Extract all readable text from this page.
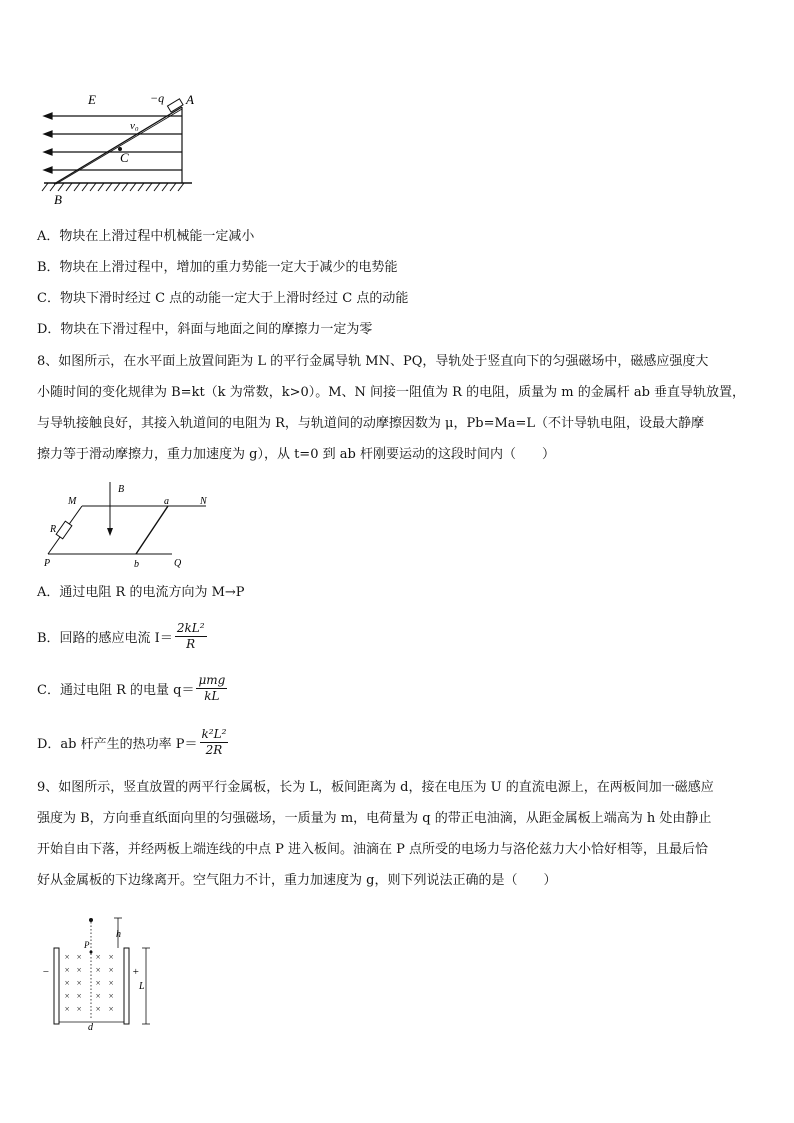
E	−q A
v₀
C
B
A．物块在上滑过程中机械能一定减小
B．物块在上滑过程中，增加的重力势能一定大于减少的电势能
C．物块下滑时经过 C 点的动能一定大于上滑时经过 C 点的动能
D．物块在下滑过程中，斜面与地面之间的摩擦力一定为零
8、如图所示，在水平面上放置间距为 L 的平行金属导轨 MN、PQ，导轨处于竖直向下的匀强磁场中，磁感应强度大
小随时间的变化规律为 B=kt（k 为常数，k>0）。M、N 间接一阻值为 R 的电阻，质量为 m 的金属杆 ab 垂直导轨放置，
与导轨接触良好，其接入轨道间的电阻为 R，与轨道间的动摩擦因数为 μ，Pb=Ma=L（不计导轨电阻，设最大静摩
擦力等于滑动摩擦力，重力加速度为 g），从 t=0 到 ab 杆刚要运动的这段时间内（　　）
B
M	a	N
R
P	b	Q
A．通过电阻 R 的电流方向为 M→P
B．回路的感应电流 $I= \frac{\text{2kL²}}{R}$
C．通过电阻 R 的电量 $q= \frac{\text{μmg}}{kL}$
D．ab 杆产生的热功率 $P= \frac{\text{k²L²}}{2R}$
9、如图所示，竖直放置的两平行金属板，长为 L，板间距离为 d，接在电压为 U 的直流电源上，在两板间加一磁感应
强度为 B，方向垂直纸面向里的匀强磁场，一质量为 m，电荷量为 q 的带正电油滴，从距金属板上端高为 h 处由静止
开始自由下落，并经两板上端连线的中点 P 进入板间。油滴在 P 点所受的电场力与洛伦兹力大小恰好相等，且最后恰
好从金属板的下边缘离开。空气阻力不计，重力加速度为 g，则下列说法正确的是（　　）
h
P
× × × ×
× × × ×
× × × ×
× × × ×
× × × ×
−	+
L
d
